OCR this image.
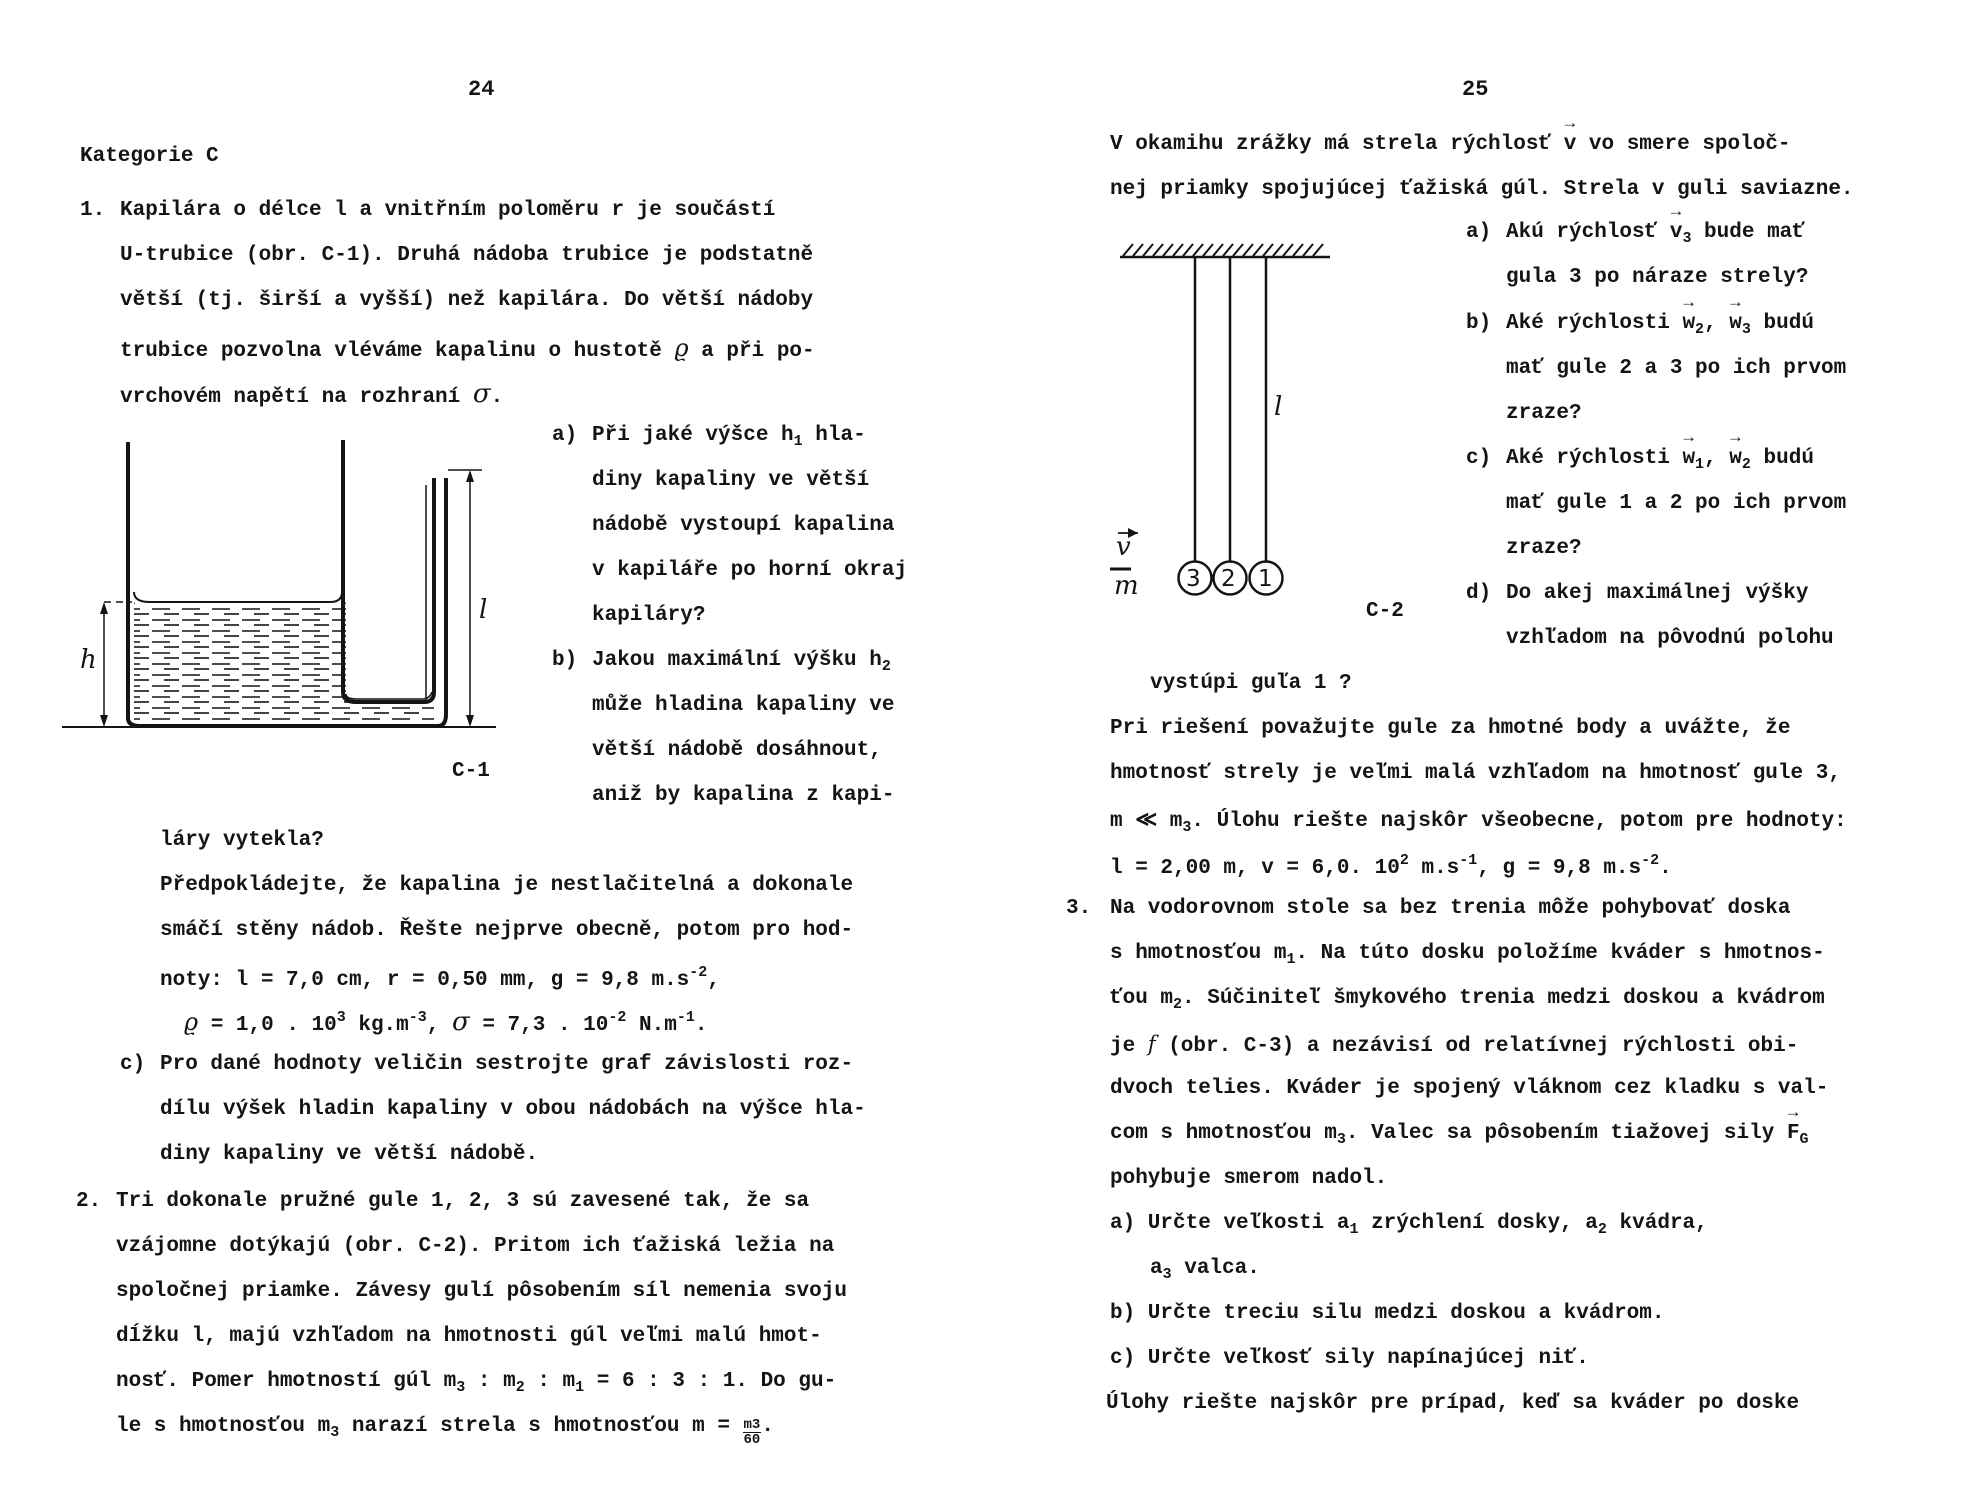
24
Kategorie C
1. Kapilára o délce l a vnitřním poloměru r je součástí
U-trubice (obr. C-1). Druhá nádoba trubice je podstatně
větší (tj. širší a vyšší) než kapilára. Do větší nádoby
trubice pozvolna vléváme kapalinu o hustotě ϱ a při po-
vrchovém napětí na rozhraní σ.
h
l
C-1
a) Při jaké výšce $h_1$ hla-
diny kapaliny ve větší
nádobě vystoupí kapalina
v kapiláře po horní okraj
kapiláry?
b) Jakou maximální výšku $h_2$
může hladina kapaliny ve
větší nádobě dosáhnout,
aniž by kapalina z kapi-
láry vytekla?
Předpokládejte, že kapalina je nestlačitelná a dokonale
smáčí stěny nádob. Řešte nejprve obecně, potom pro hod-
noty: l = 7,0 cm, r = 0,50 mm, g = 9,8 $m.s^{-2}$,
ϱ = 1,0 . $10^3$ $kg.m^{-3}$, σ = 7,3 . $10^{-2}$ $N.m^{-1}$.
c) Pro dané hodnoty veličin sestrojte graf závislosti roz-
dílu výšek hladin kapaliny v obou nádobách na výšce hla-
diny kapaliny ve větší nádobě.
2. Tri dokonale pružné gule 1, 2, 3 sú zavesené tak, že sa
vzájomne dotýkajú (obr. C-2). Pritom ich ťažiská ležia na
spoločnej priamke. Závesy gulí pôsobením síl nemenia svoju
dĺžku l, majú vzhľadom na hmotnosti gúl veľmi malú hmot-
nosť. Pomer hmotností gúl $m_3$ : $m_2$ : $m_1 = 6$ : 3 : 1. Do gu-
le s hmotnosťou $m_3$ narazí strela s hmotnosťou $m = \frac{m3}{60}$ .
25
V okamihu zrážky má strela rýchlosť → v vo smere spoloč-
nej priamky spojujúcej ťažiská gúl. Strela v guli saviazne.
3 2 1
l
v
m
C-2
a) Akú rýchlosť → $v_3$ bude mať
gula 3 po náraze strely?
b) Aké rýchlosti → $w_2$, → $w_3$ budú
mať gule 2 a 3 po ich prvom
zraze?
c) Aké rýchlosti → $w_1$, → $w_2$ budú
mať gule 1 a 2 po ich prvom
zraze?
d) Do akej maximálnej výšky
vzhľadom na pôvodnú polohu
vystúpi guľa 1 ?
Pri riešení považujte gule za hmotné body a uvážte, že
hmotnosť strely je veľmi malá vzhľadom na hmotnosť gule 3,
m ≪ $m_3$. Úlohu riešte najskôr všeobecne, potom pre hodnoty:
l = 2,00 m, v = 6,0. $10^2$ $m.s^{-1}$, g = 9,8 $m.s^{-2}$.
3. Na vodorovnom stole sa bez trenia môže pohybovať doska
s hmotnosťou $m_1$. Na túto dosku položíme kváder s hmotnos-
ťou $m_2$. Súčiniteľ šmykového trenia medzi doskou a kvádrom
je f (obr. C-3) a nezávisí od relatívnej rýchlosti obi-
dvoch telies. Kváder je spojený vláknom cez kladku s val-
com s hmotnosťou $m_3$. Valec sa pôsobením tiažovej sily → $F_G$
pohybuje smerom nadol.
a) Určte veľkosti $a_1$ zrýchlení dosky, $a_2$ kvádra,
$a_3$ valca.
b) Určte treciu silu medzi doskou a kvádrom.
c) Určte veľkosť sily napínajúcej niť.
Úlohy riešte najskôr pre prípad, keď sa kváder po doske
